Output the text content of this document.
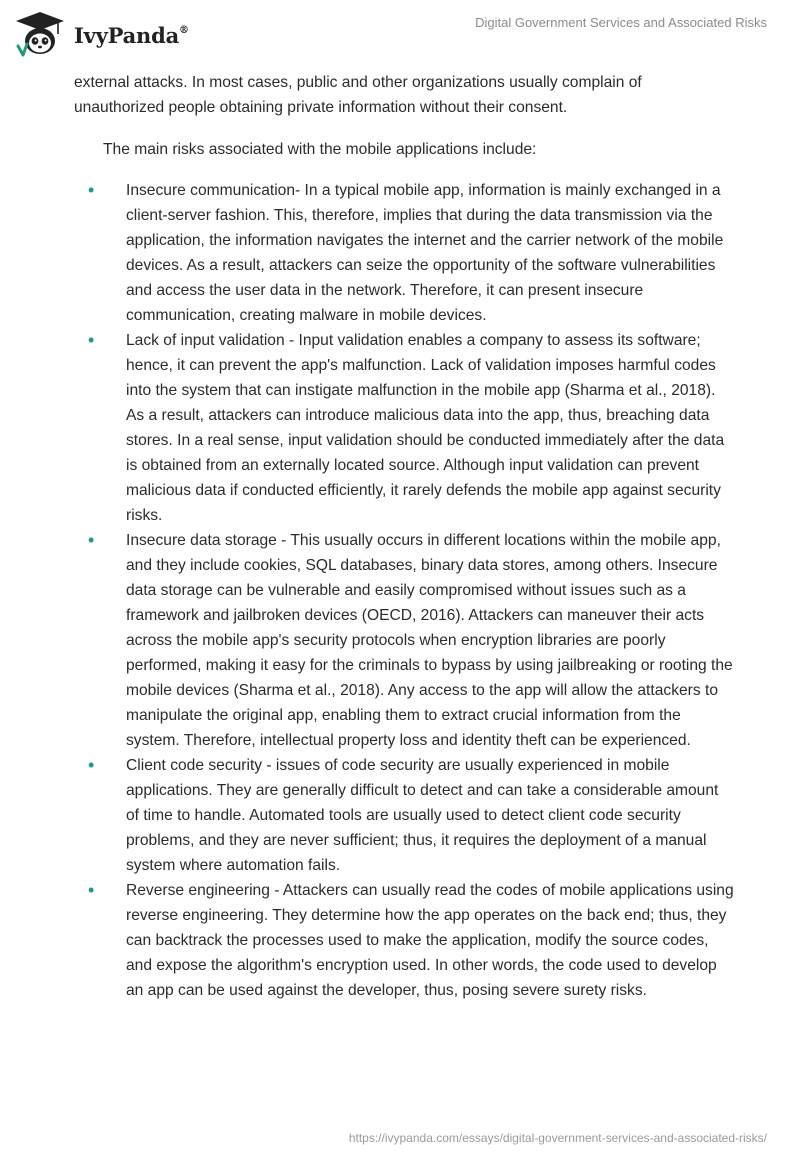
IvyPanda®	Digital Government Services and Associated Risks

external attacks. In most cases, public and other organizations usually complain of unauthorized people obtaining private information without their consent.

The main risks associated with the mobile applications include:

• Insecure communication- In a typical mobile app, information is mainly exchanged in a client-server fashion. This, therefore, implies that during the data transmission via the application, the information navigates the internet and the carrier network of the mobile devices. As a result, attackers can seize the opportunity of the software vulnerabilities and access the user data in the network. Therefore, it can present insecure communication, creating malware in mobile devices.
• Lack of input validation - Input validation enables a company to assess its software; hence, it can prevent the app's malfunction. Lack of validation imposes harmful codes into the system that can instigate malfunction in the mobile app (Sharma et al., 2018). As a result, attackers can introduce malicious data into the app, thus, breaching data stores. In a real sense, input validation should be conducted immediately after the data is obtained from an externally located source. Although input validation can prevent malicious data if conducted efficiently, it rarely defends the mobile app against security risks.
• Insecure data storage - This usually occurs in different locations within the mobile app, and they include cookies, SQL databases, binary data stores, among others. Insecure data storage can be vulnerable and easily compromised without issues such as a framework and jailbroken devices (OECD, 2016). Attackers can maneuver their acts across the mobile app's security protocols when encryption libraries are poorly performed, making it easy for the criminals to bypass by using jailbreaking or rooting the mobile devices (Sharma et al., 2018). Any access to the app will allow the attackers to manipulate the original app, enabling them to extract crucial information from the system. Therefore, intellectual property loss and identity theft can be experienced.
• Client code security - issues of code security are usually experienced in mobile applications. They are generally difficult to detect and can take a considerable amount of time to handle. Automated tools are usually used to detect client code security problems, and they are never sufficient; thus, it requires the deployment of a manual system where automation fails.
• Reverse engineering - Attackers can usually read the codes of mobile applications using reverse engineering. They determine how the app operates on the back end; thus, they can backtrack the processes used to make the application, modify the source codes, and expose the algorithm's encryption used. In other words, the code used to develop an app can be used against the developer, thus, posing severe surety risks.
https://ivypanda.com/essays/digital-government-services-and-associated-risks/
